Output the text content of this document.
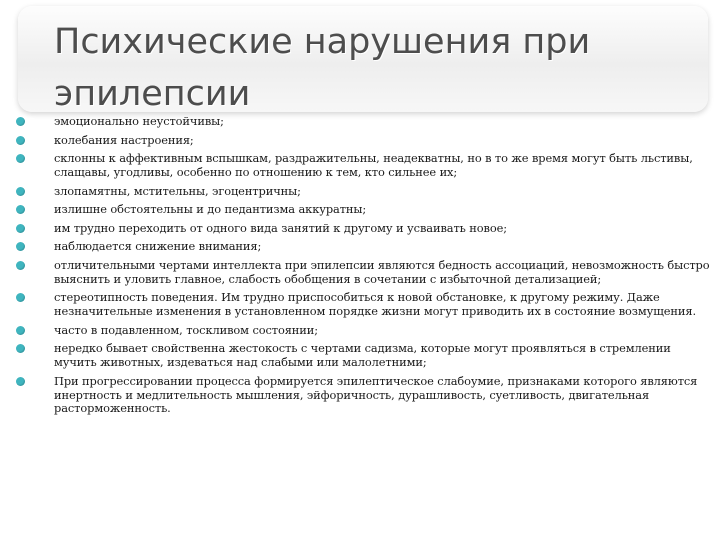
Психические нарушения при эпилепсии
эмоционально неустойчивы;
колебания настроения;
склонны к аффективным вспышкам, раздражительны, неадекватны, но в то же время могут быть льстивы, слащавы, угодливы, особенно по отношению к тем, кто сильнее их;
злопамятны, мстительны, эгоцентричны;
излишне обстоятельны и до педантизма аккуратны;
им трудно переходить от одного вида занятий к другому и усваивать новое;
наблюдается снижение внимания;
отличительными чертами интеллекта при эпилепсии являются бедность ассоциаций, невозможность быстро выяснить и уловить главное, слабость обобщения в сочетании с избыточной детализацией;
стереотипность поведения. Им трудно приспособиться к новой обстановке, к другому режиму. Даже незначительные изменения в установленном порядке жизни могут приводить их в состояние возмущения.
часто в подавленном, тоскливом состоянии;
нередко бывает свойственна жестокость с чертами садизма, которые могут проявляться в стремлении мучить животных, издеваться над слабыми или малолетними;
При прогрессировании процесса формируется эпилептическое слабоумие, признаками которого являются инертность и медлительность мышления, эйфоричность, дурашливость, суетливость, двигательная расторможенность.
